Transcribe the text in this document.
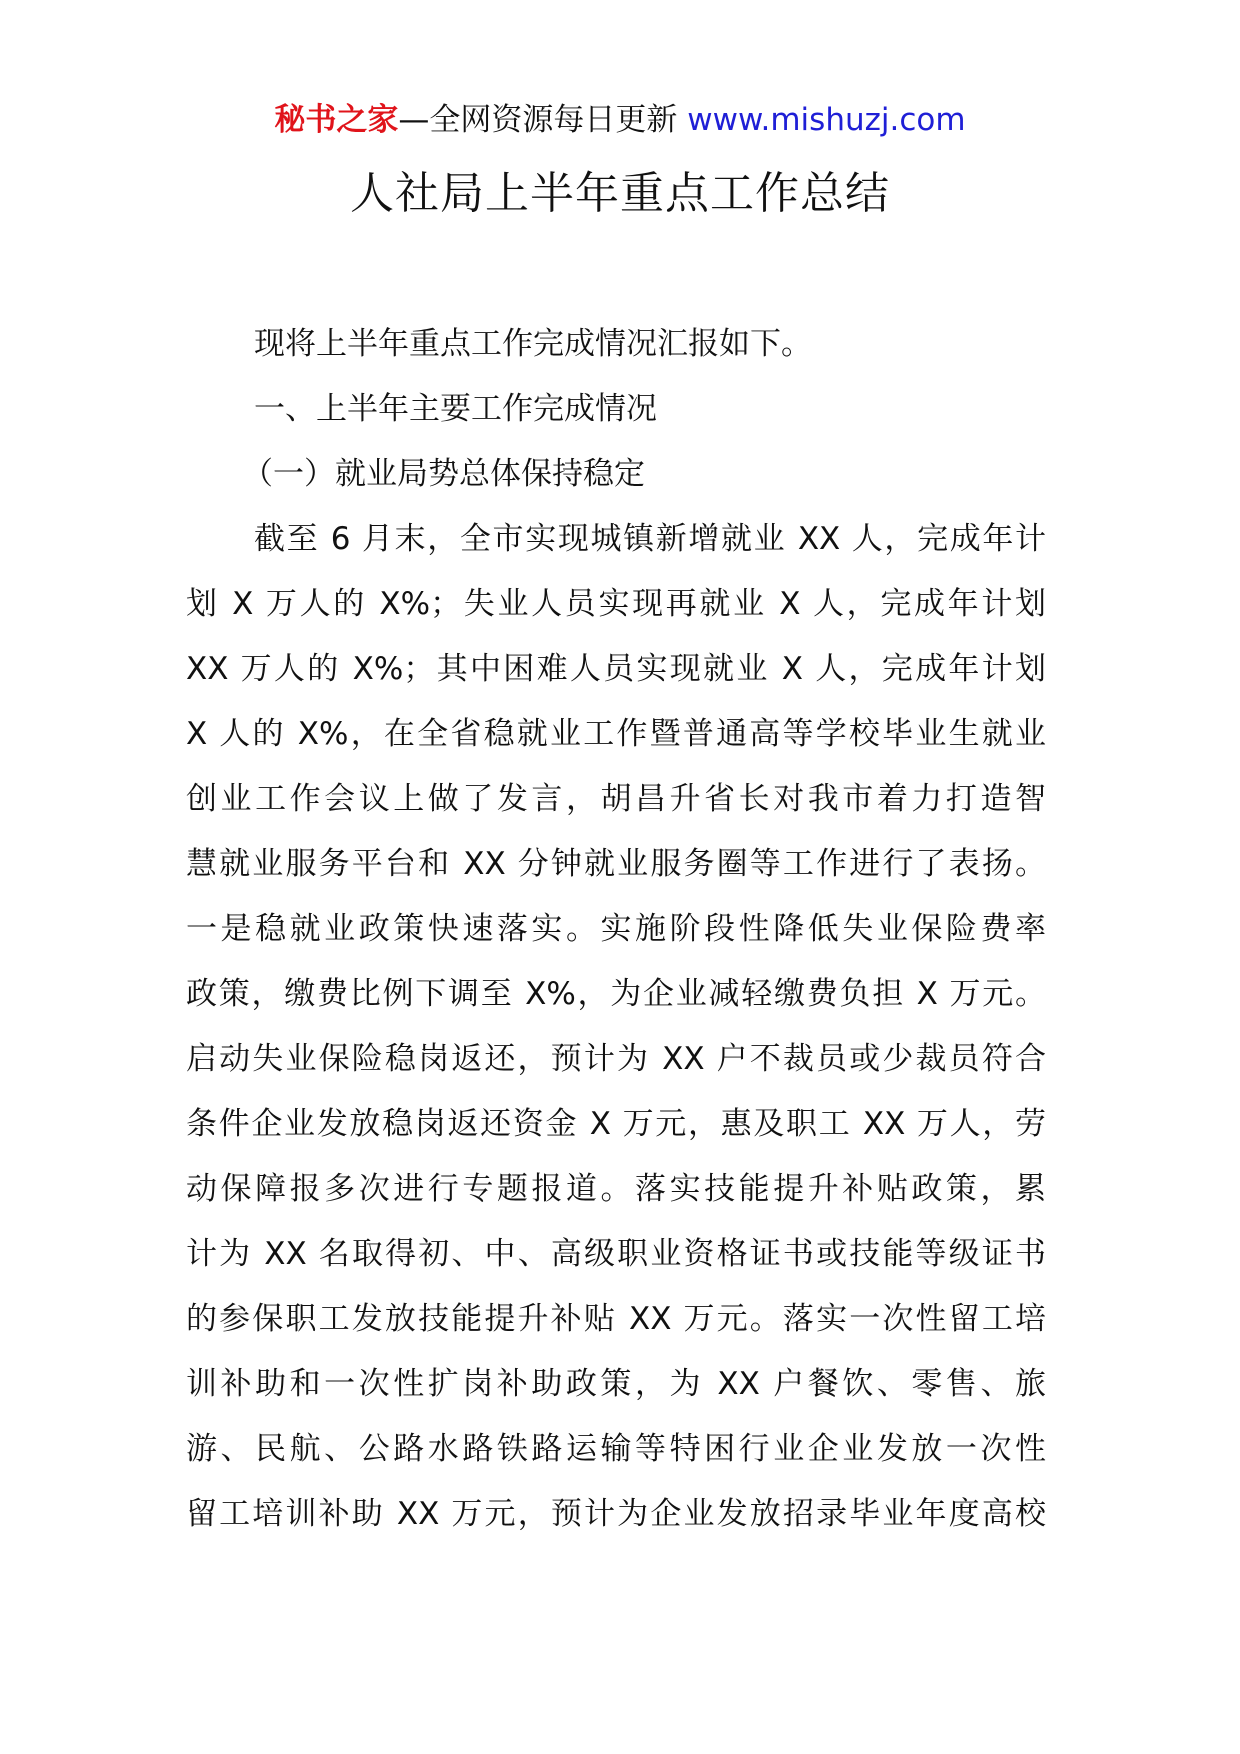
秘书之家—全网资源每日更新 www.mishuzj.com
人社局上半年重点工作总结
现将上半年重点工作完成情况汇报如下。
一、上半年主要工作完成情况
（一）就业局势总体保持稳定
截至 6 月末，全市实现城镇新增就业 XX 人，完成年计
划 X 万人的 X%；失业人员实现再就业 X 人，完成年计划
XX 万人的 X%；其中困难人员实现就业 X 人，完成年计划
X 人的 X%，在全省稳就业工作暨普通高等学校毕业生就业
创业工作会议上做了发言，胡昌升省长对我市着力打造智
慧就业服务平台和 XX 分钟就业服务圈等工作进行了表扬。
一是稳就业政策快速落实。实施阶段性降低失业保险费率
政策，缴费比例下调至 X%，为企业减轻缴费负担 X 万元。
启动失业保险稳岗返还，预计为 XX 户不裁员或少裁员符合
条件企业发放稳岗返还资金 X 万元，惠及职工 XX 万人，劳
动保障报多次进行专题报道。落实技能提升补贴政策，累
计为 XX 名取得初、中、高级职业资格证书或技能等级证书
的参保职工发放技能提升补贴 XX 万元。落实一次性留工培
训补助和一次性扩岗补助政策，为 XX 户餐饮、零售、旅
游、民航、公路水路铁路运输等特困行业企业发放一次性
留工培训补助 XX 万元，预计为企业发放招录毕业年度高校
